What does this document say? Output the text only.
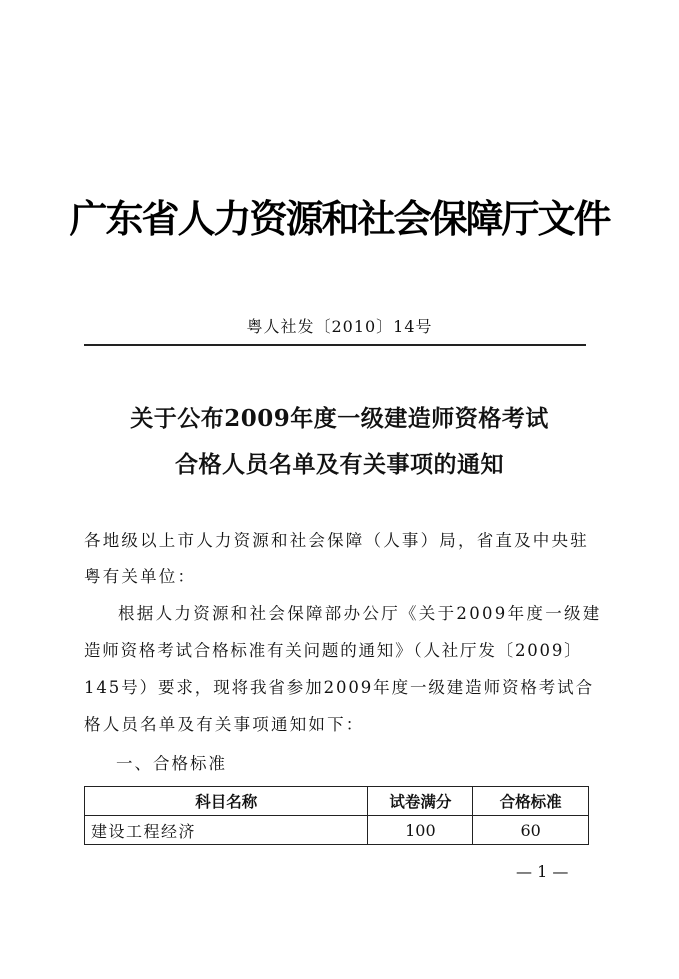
广东省人力资源和社会保障厅文件
粤人社发〔2010〕14号
关于公布2009年度一级建造师资格考试
合格人员名单及有关事项的通知
各地级以上市人力资源和社会保障（人事）局，省直及中央驻
粤有关单位：
根据人力资源和社会保障部办公厅《关于2009年度一级建
造师资格考试合格标准有关问题的通知》（人社厅发〔2009〕
145号）要求，现将我省参加2009年度一级建造师资格考试合
格人员名单及有关事项通知如下：
一、合格标准
科目名称	试卷满分	合格标准
建设工程经济	100	60
— 1 —
